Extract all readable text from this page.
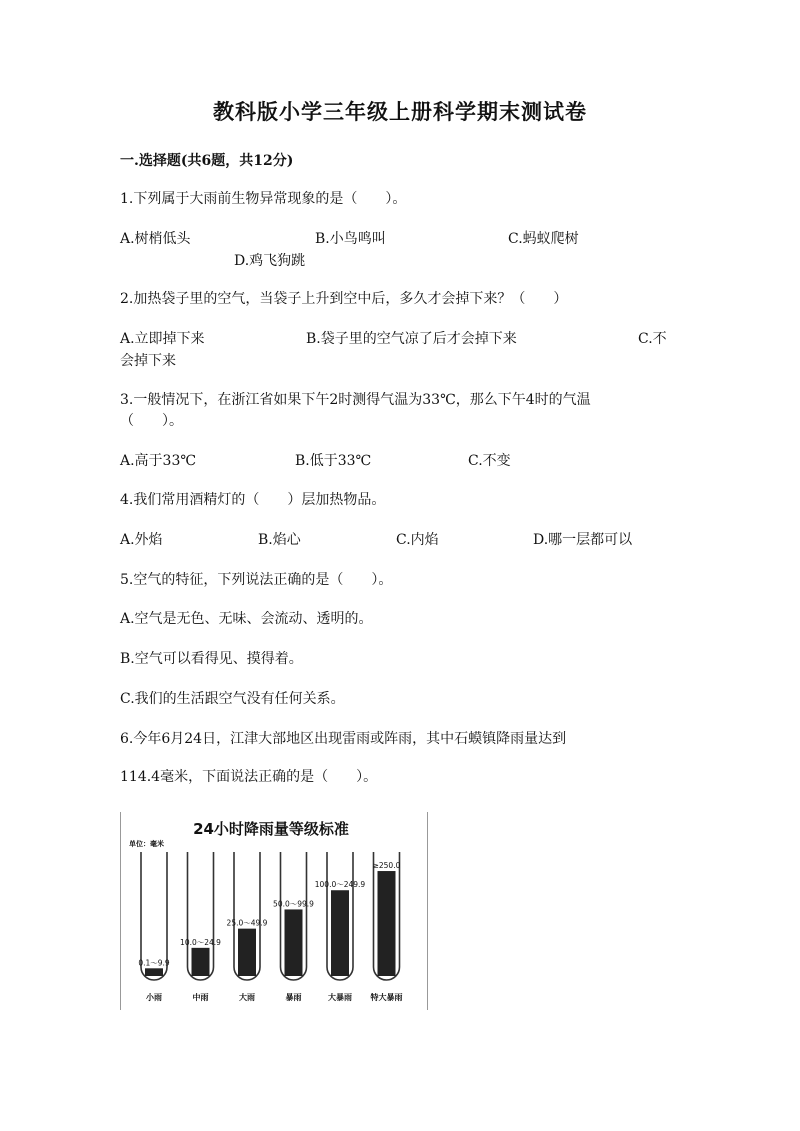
教科版小学三年级上册科学期末测试卷
一.选择题(共6题，共12分)
1.下列属于大雨前生物异常现象的是（　　）。
A.树梢低头	B.小鸟鸣叫	C.蚂蚁爬树
D.鸡飞狗跳
2.加热袋子里的空气，当袋子上升到空中后，多久才会掉下来？（　　）
A.立即掉下来	B.袋子里的空气凉了后才会掉下来	C.不
会掉下来
3.一般情况下，在浙江省如果下午2时测得气温为33℃，那么下午4时的气温
（　　）。
A.高于33℃	B.低于33℃	C.不变
4.我们常用酒精灯的（　　）层加热物品。
A.外焰	B.焰心	C.内焰	D.哪一层都可以
5.空气的特征，下列说法正确的是（　　）。
A.空气是无色、无味、会流动、透明的。
B.空气可以看得见、摸得着。
C.我们的生活跟空气没有任何关系。
6.今年6月24日，江津大部地区出现雷雨或阵雨，其中石蟆镇降雨量达到
114.4毫米，下面说法正确的是（　　）。
24小时降雨量等级标准
单位：毫米
0.1～9.9
小雨
10.0～24.9
中雨
25.0～49.9
大雨
50.0～99.9
暴雨
100.0～249.9
大暴雨
≥250.0
特大暴雨
